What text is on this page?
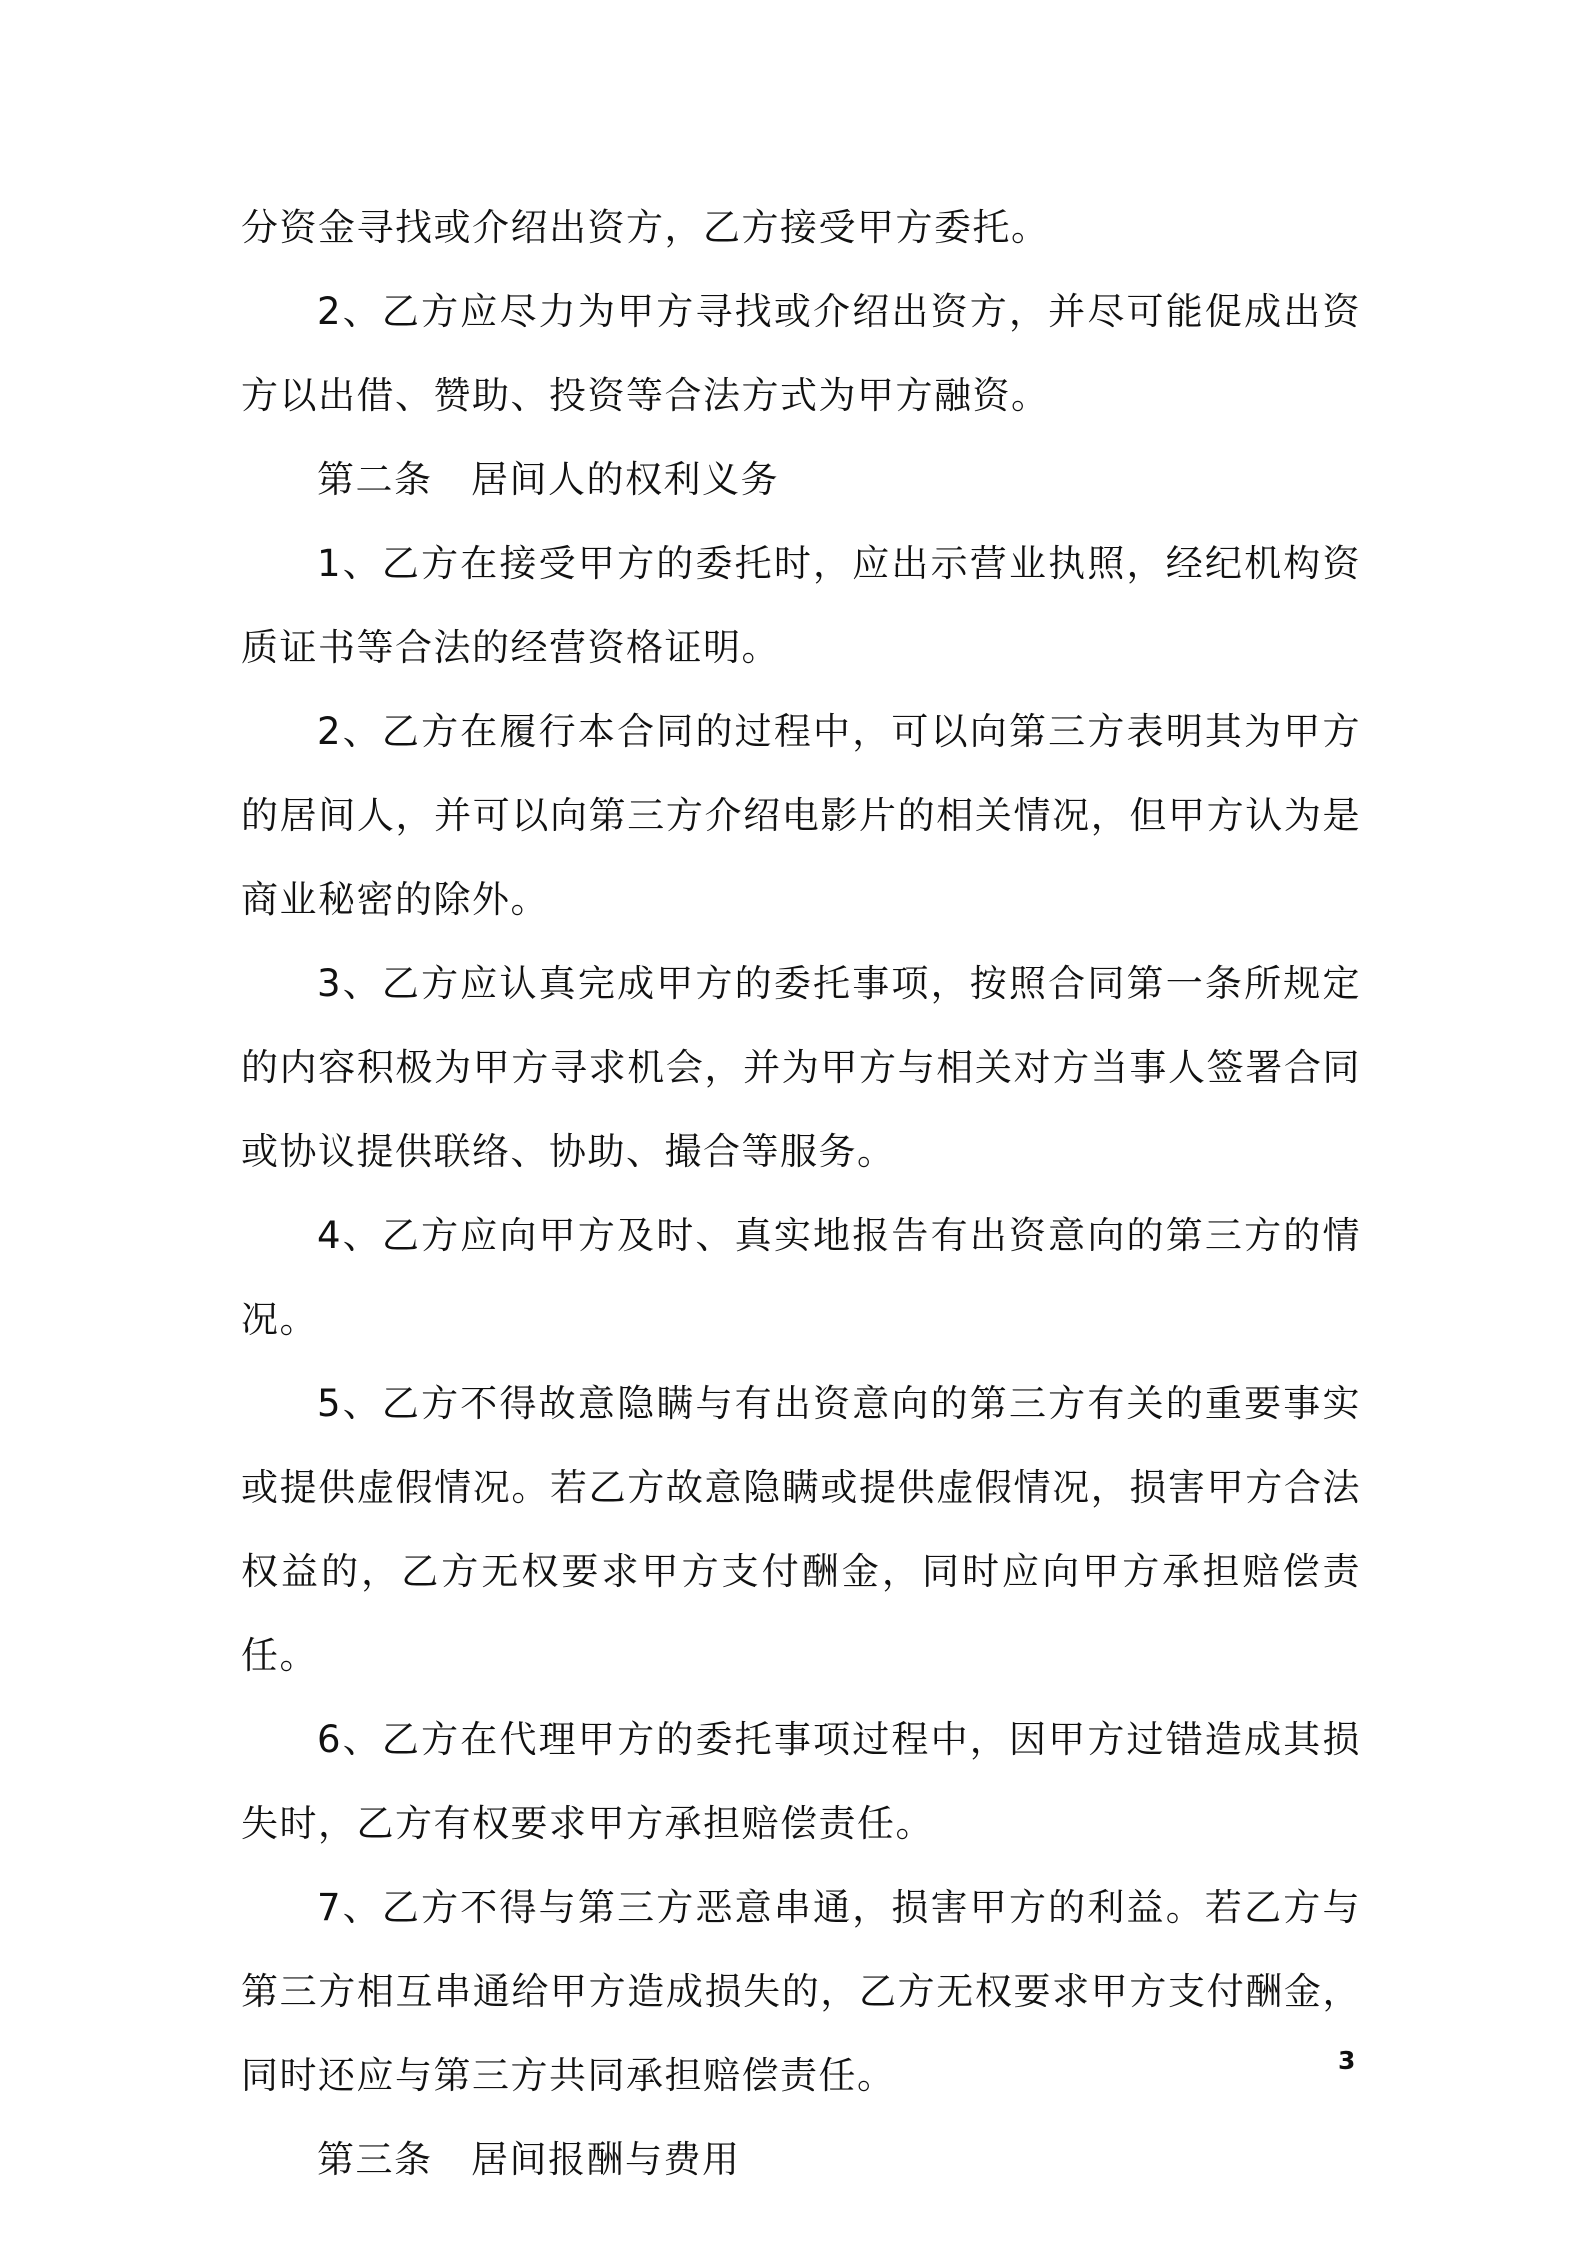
分资金寻找或介绍出资方，乙方接受甲方委托。

2、乙方应尽力为甲方寻找或介绍出资方，并尽可能促成出资方以出借、赞助、投资等合法方式为甲方融资。

第二条　居间人的权利义务

1、乙方在接受甲方的委托时，应出示营业执照，经纪机构资质证书等合法的经营资格证明。

2、乙方在履行本合同的过程中，可以向第三方表明其为甲方的居间人，并可以向第三方介绍电影片的相关情况，但甲方认为是商业秘密的除外。

3、乙方应认真完成甲方的委托事项，按照合同第一条所规定的内容积极为甲方寻求机会，并为甲方与相关对方当事人签署合同或协议提供联络、协助、撮合等服务。

4、乙方应向甲方及时、真实地报告有出资意向的第三方的情况。

5、乙方不得故意隐瞒与有出资意向的第三方有关的重要事实或提供虚假情况。若乙方故意隐瞒或提供虚假情况，损害甲方合法权益的，乙方无权要求甲方支付酬金，同时应向甲方承担赔偿责任。

6、乙方在代理甲方的委托事项过程中，因甲方过错造成其损失时，乙方有权要求甲方承担赔偿责任。

7、乙方不得与第三方恶意串通，损害甲方的利益。若乙方与第三方相互串通给甲方造成损失的，乙方无权要求甲方支付酬金，同时还应与第三方共同承担赔偿责任。

第三条　居间报酬与费用

3
